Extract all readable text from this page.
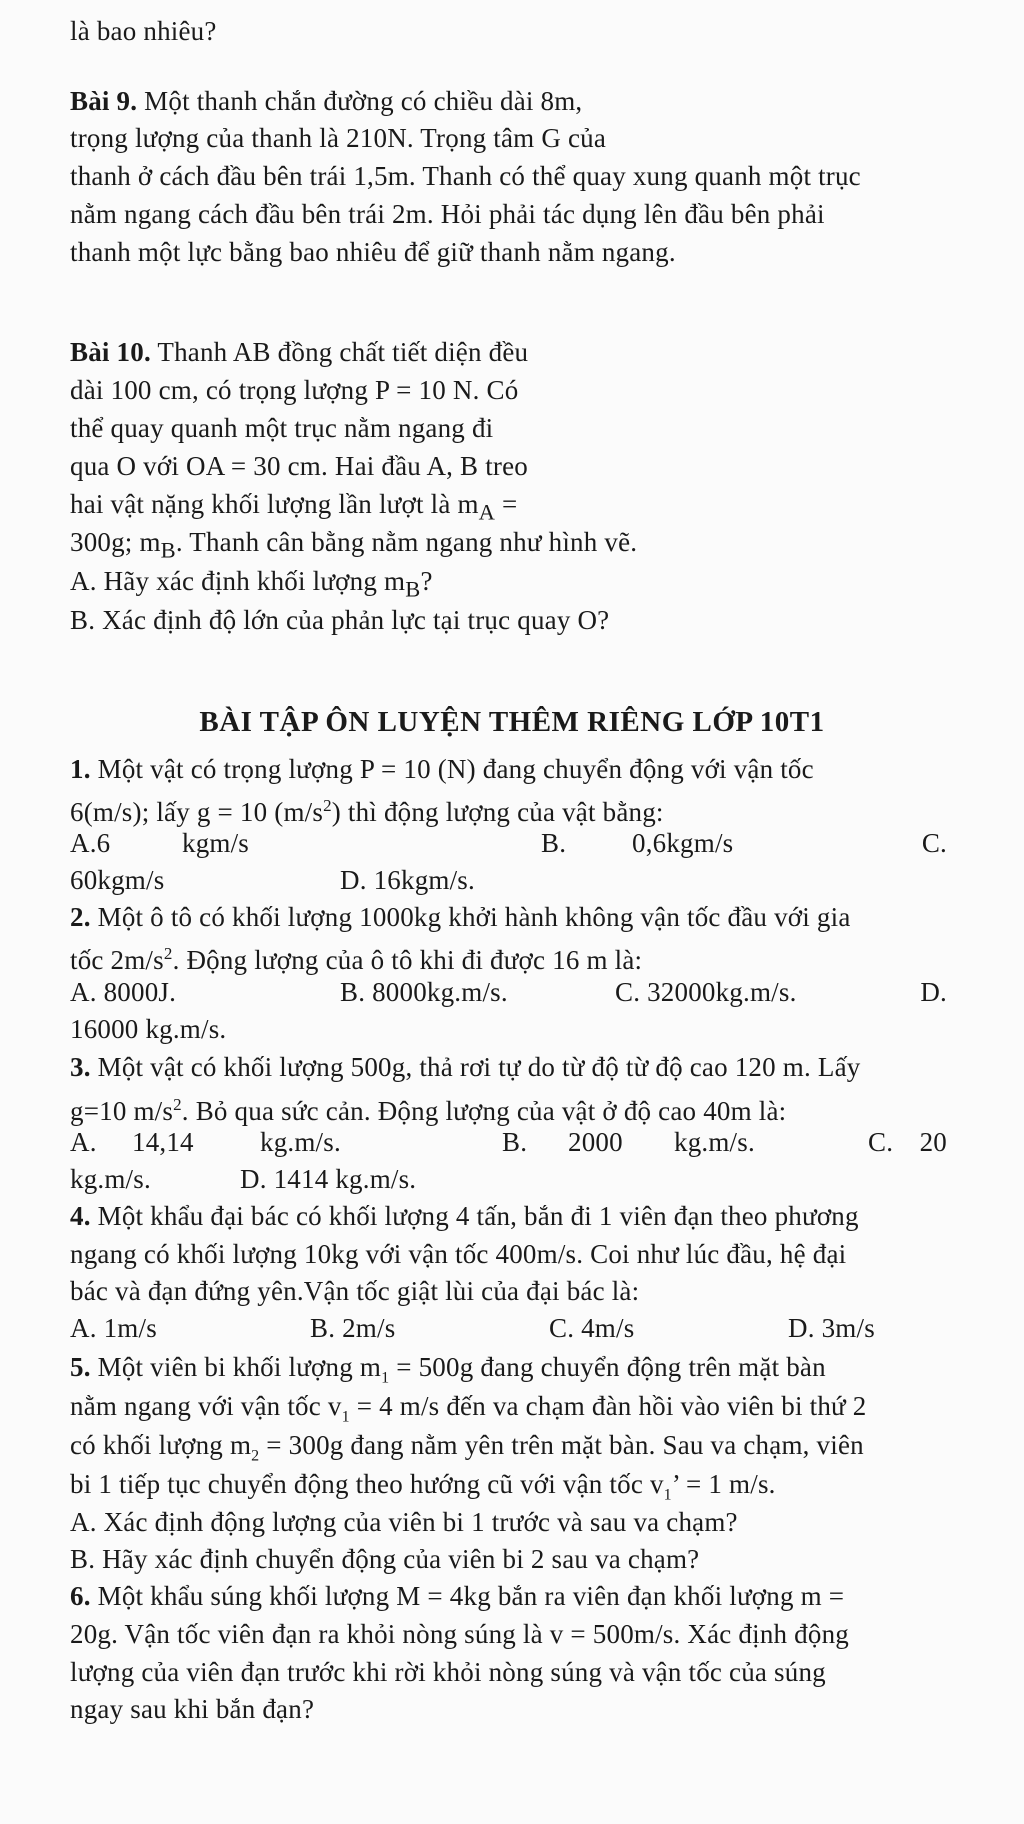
là bao nhiêu?
Bài 9. Một thanh chắn đường có chiều dài 8m,
trọng lượng của thanh là 210N. Trọng tâm G của
thanh ở cách đầu bên trái 1,5m. Thanh có thể quay xung quanh một trục
nằm ngang cách đầu bên trái 2m. Hỏi phải tác dụng lên đầu bên phải
thanh một lực bằng bao nhiêu để giữ thanh nằm ngang.
Bài 10. Thanh AB đồng chất tiết diện đều
dài 100 cm, có trọng lượng P = 10 N. Có
thể quay quanh một trục nằm ngang đi
qua O với OA = 30 cm. Hai đầu A, B treo
hai vật nặng khối lượng lần lượt là $m_A$ =
300g; $m_B$. Thanh cân bằng nằm ngang như hình vẽ.
A. Hãy xác định khối lượng $m_B$?
B. Xác định độ lớn của phản lực tại trục quay O?
BÀI TẬP ÔN LUYỆN THÊM RIÊNG LỚP 10T1
1. Một vật có trọng lượng P = 10 (N) đang chuyển động với vận tốc
6(m/s); lấy g = 10 $(m/s^2)$ thì động lượng của vật bằng:
A.6	kgm/s	B. 0,6kgm/s	C.
60kgm/s	D. 16kgm/s.
2. Một ô tô có khối lượng 1000kg khởi hành không vận tốc đầu với gia
tốc $2m/s^2$. Động lượng của ô tô khi đi được 16 m là:
A. 8000J.	B. 8000kg.m/s.	C. 32000kg.m/s.	D.
16000 kg.m/s.
3. Một vật có khối lượng 500g, thả rơi tự do từ độ từ độ cao 120 m. Lấy
g=10 $m/s^2$. Bỏ qua sức cản. Động lượng của vật ở độ cao 40m là:
A. 14,14 kg.m/s.	B. 2000 kg.m/s.	C. 20
kg.m/s.	D. 1414 kg.m/s.
4. Một khẩu đại bác có khối lượng 4 tấn, bắn đi 1 viên đạn theo phương
ngang có khối lượng 10kg với vận tốc 400m/s. Coi như lúc đầu, hệ đại
bác và đạn đứng yên.Vận tốc giật lùi của đại bác là:
A. 1m/s	B. 2m/s	C. 4m/s	D. 3m/s
5. Một viên bi khối lượng $m_1 = 500g$ đang chuyển động trên mặt bàn
nằm ngang với vận tốc $v_1 = 4$ m/s đến va chạm đàn hồi vào viên bi thứ 2
có khối lượng $m_2 = 300g$ đang nằm yên trên mặt bàn. Sau va chạm, viên
bi 1 tiếp tục chuyển động theo hướng cũ với vận tốc $v_1$’ = 1 m/s.
A. Xác định động lượng của viên bi 1 trước và sau va chạm?
B. Hãy xác định chuyển động của viên bi 2 sau va chạm?
6. Một khẩu súng khối lượng M = 4kg bắn ra viên đạn khối lượng m =
20g. Vận tốc viên đạn ra khỏi nòng súng là v = 500m/s. Xác định động
lượng của viên đạn trước khi rời khỏi nòng súng và vận tốc của súng
ngay sau khi bắn đạn?
